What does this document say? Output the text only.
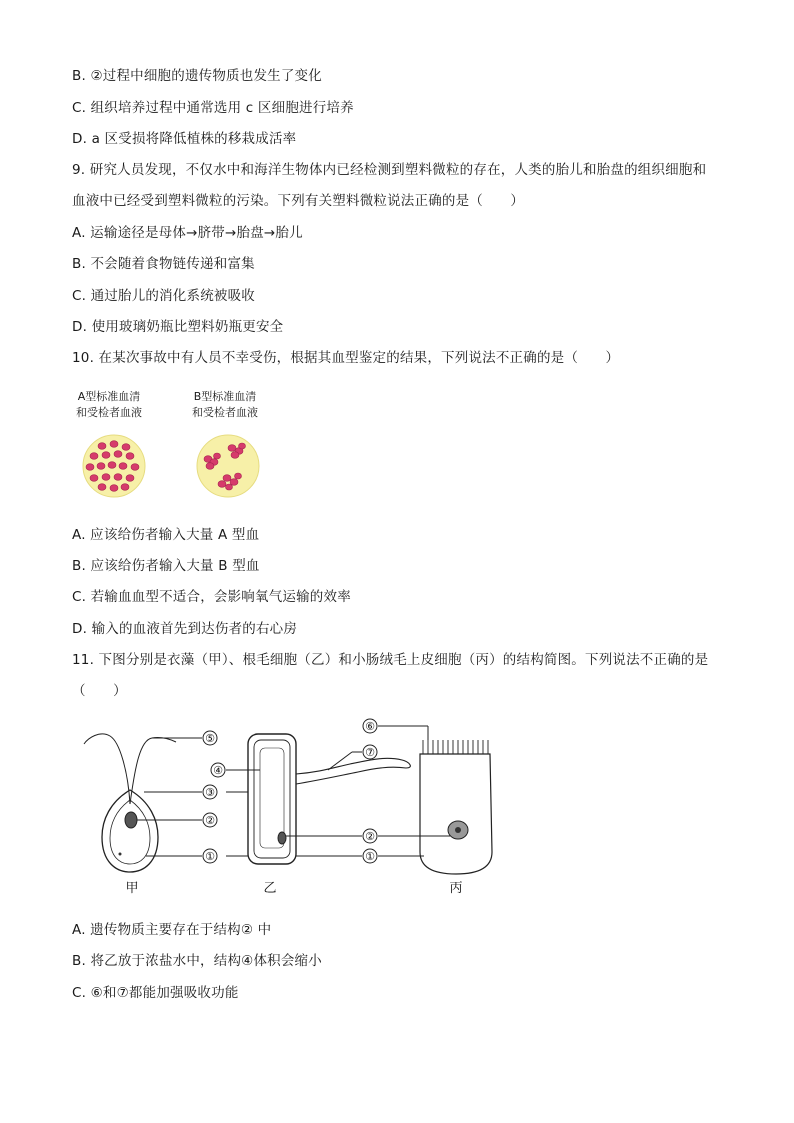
B. ②过程中细胞的遗传物质也发生了变化
C. 组织培养过程中通常选用 c 区细胞进行培养
D. a 区受损将降低植株的移栽成活率
9. 研究人员发现，不仅水中和海洋生物体内已经检测到塑料微粒的存在，人类的胎儿和胎盘的组织细胞和
血液中已经受到塑料微粒的污染。下列有关塑料微粒说法正确的是（　　）
A. 运输途径是母体→脐带→胎盘→胎儿
B. 不会随着食物链传递和富集
C. 通过胎儿的消化系统被吸收
D. 使用玻璃奶瓶比塑料奶瓶更安全
10. 在某次事故中有人员不幸受伤，根据其血型鉴定的结果，下列说法不正确的是（　　）
A型标准血清
和受检者血液
B型标准血清
和受检者血液
A. 应该给伤者输入大量 A 型血
B. 应该给伤者输入大量 B 型血
C. 若输血血型不适合，会影响氧气运输的效率
D. 输入的血液首先到达伤者的右心房
11. 下图分别是衣藻（甲）、根毛细胞（乙）和小肠绒毛上皮细胞（丙）的结构简图。下列说法不正确的是
（　　）
⑤
④
③
②
①
⑥
⑦
②
①
甲	乙	丙
A. 遗传物质主要存在于结构② 中
B. 将乙放于浓盐水中，结构④体积会缩小
C. ⑥和⑦都能加强吸收功能
